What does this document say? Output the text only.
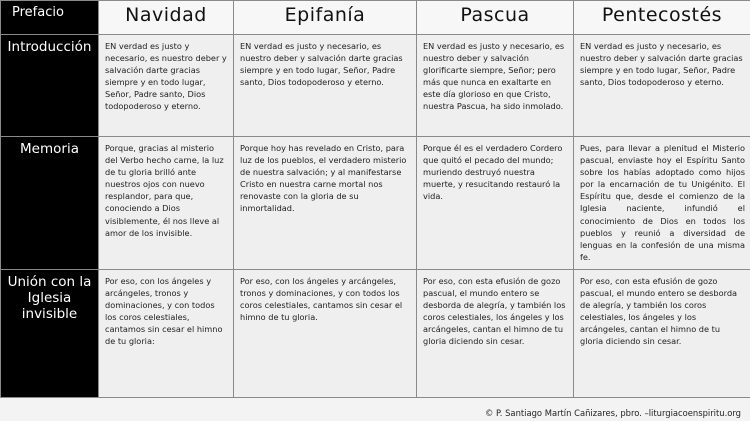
Prefacio	Navidad	Epifanía	Pascua	Pentecostés
Introducción	EN verdad es justo y necesario, es nuestro deber y salvación darte gracias siempre y en todo lugar, Señor, Padre santo, Dios todopoderoso y eterno.	EN verdad es justo y necesario, es nuestro deber y salvación darte gracias siempre y en todo lugar, Señor, Padre santo, Dios todopoderoso y eterno.	EN verdad es justo y necesario, es nuestro deber y salvación glorificarte siempre, Señor; pero más que nunca en exaltarte en este día glorioso en que Cristo, nuestra Pascua, ha sido inmolado.	EN verdad es justo y necesario, es nuestro deber y salvación darte gracias siempre y en todo lugar, Señor, Padre santo, Dios todopoderoso y eterno.
Memoria	Porque, gracias al misterio del Verbo hecho carne, la luz de tu gloria brilló ante nuestros ojos con nuevo resplandor, para que, conociendo a Dios visiblemente, él nos lleve al amor de los invisible.	Porque hoy has revelado en Cristo, para luz de los pueblos, el verdadero misterio de nuestra salvación; y al manifestarse Cristo en nuestra carne mortal nos renovaste con la gloria de su inmortalidad.	Porque él es el verdadero Cordero que quitó el pecado del mundo; muriendo destruyó nuestra muerte, y resucitando restauró la vida.	Pues, para llevar a plenitud el Misterio pascual, enviaste hoy el Espíritu Santo sobre los habías adoptado como hijos por la encarnación de tu Unigénito. El Espíritu que, desde el comienzo de la Iglesia naciente, infundió el conocimiento de Dios en todos los pueblos y reunió a diversidad de lenguas en la confesión de una misma fe.
Unión con la Iglesia invisible	Por eso, con los ángeles y arcángeles, tronos y dominaciones, y con todos los coros celestiales, cantamos sin cesar el himno de tu gloria:	Por eso, con los ángeles y arcángeles, tronos y dominaciones, y con todos los coros celestiales, cantamos sin cesar el himno de tu gloria.	Por eso, con esta efusión de gozo pascual, el mundo entero se desborda de alegría, y también los coros celestiales, los ángeles y los arcángeles, cantan el himno de tu gloria diciendo sin cesar.	Por eso, con esta efusión de gozo pascual, el mundo entero se desborda de alegría, y también los coros celestiales, los ángeles y los arcángeles, cantan el himno de tu gloria diciendo sin cesar.
© P. Santiago Martín Cañizares, pbro. –liturgiacoenspiritu.org
